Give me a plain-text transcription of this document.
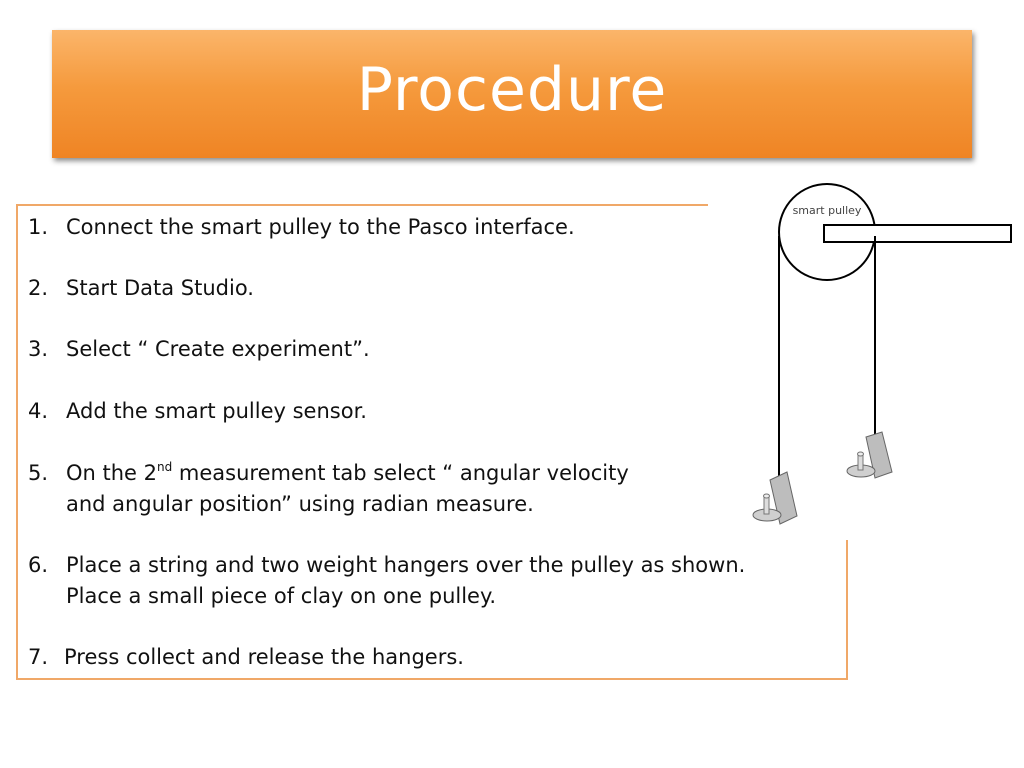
Procedure
1. Connect the smart pulley to the Pasco interface.
2. Start Data Studio.
3. Select “ Create experiment”.
4. Add the smart pulley sensor.
5. On the 2nd measurement tab select “ angular velocity
and angular position” using radian measure.
6. Place a string and two weight hangers over the pulley as shown.
Place a small piece of clay on one pulley.
7. Press collect and release the hangers.
smart pulley
